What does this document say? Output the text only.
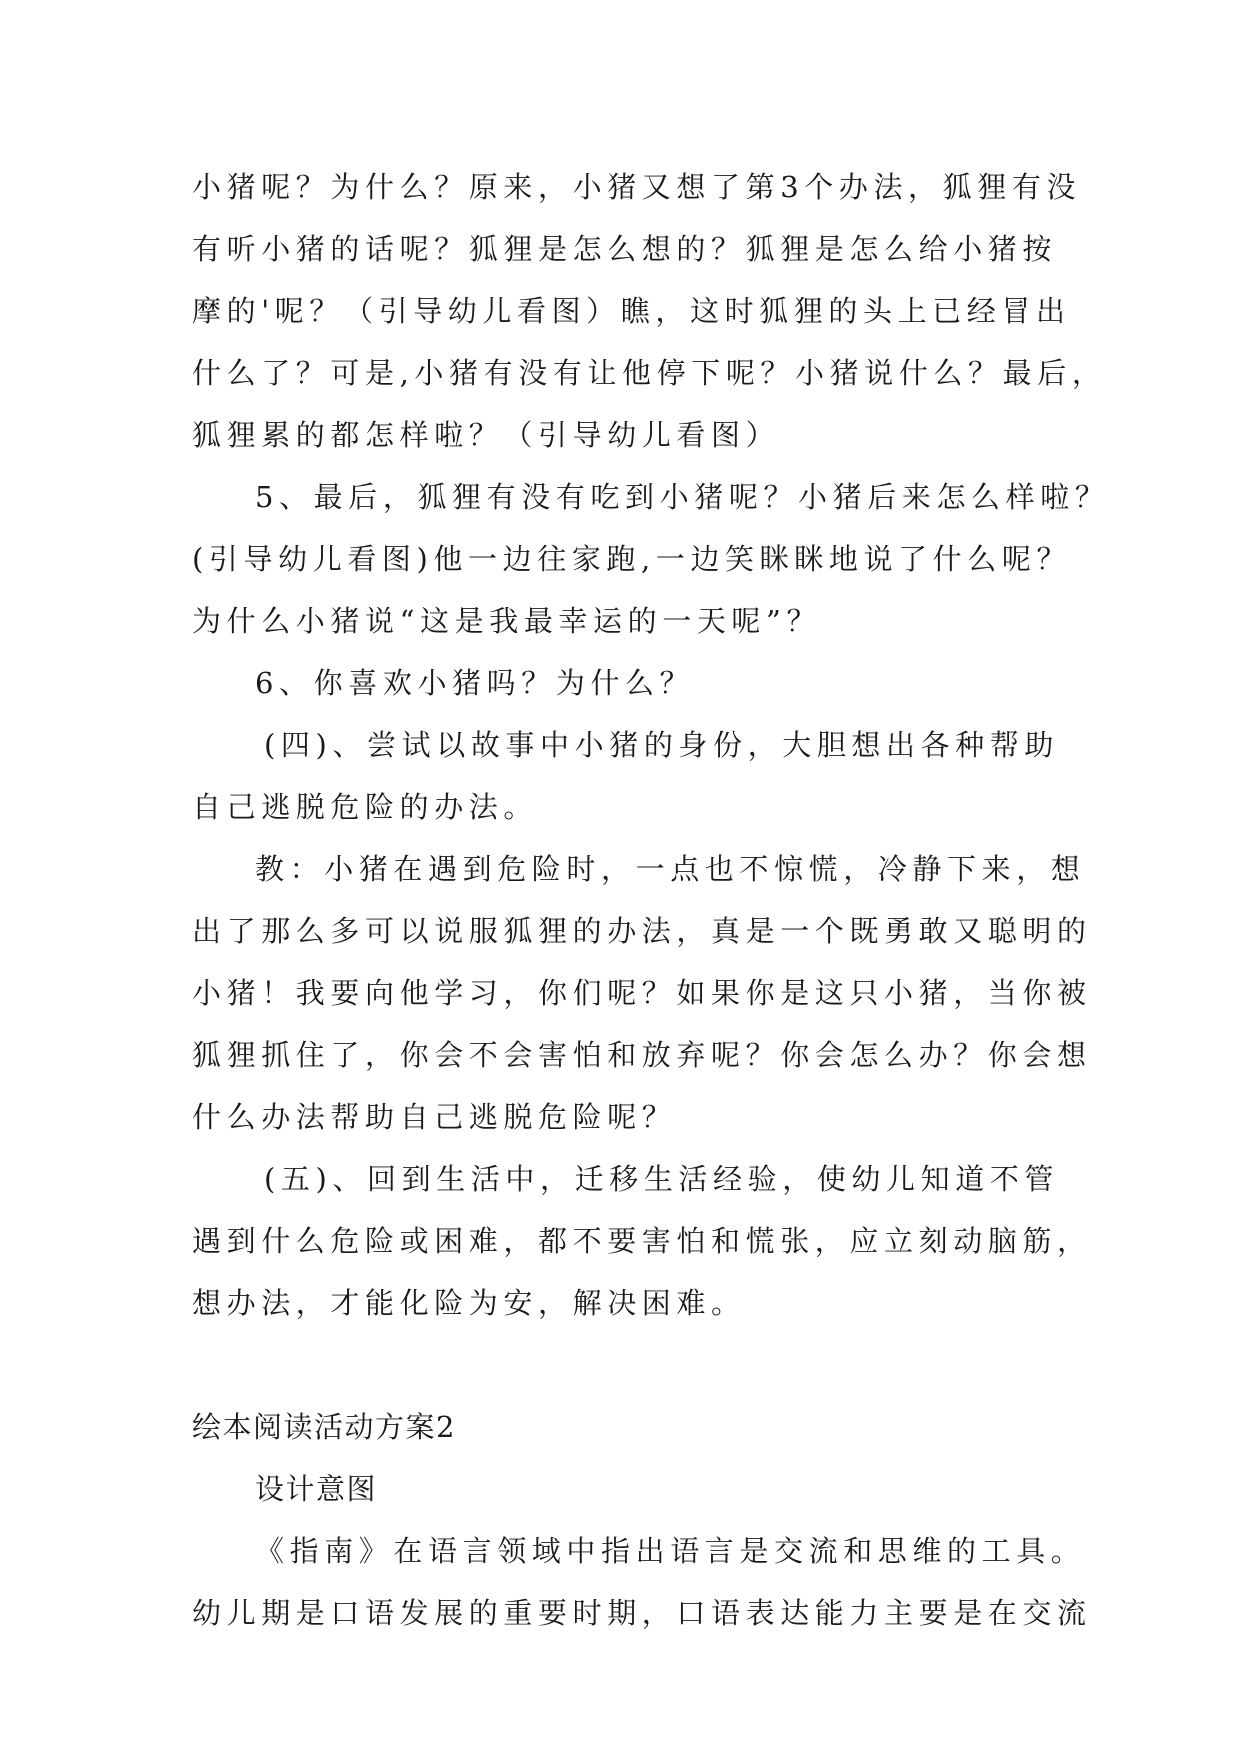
小猪呢？为什么？原来，小猪又想了第3个办法，狐狸有没
有听小猪的话呢？狐狸是怎么想的？狐狸是怎么给小猪按
摩的'呢？（引导幼儿看图）瞧，这时狐狸的头上已经冒出
什么了？可是,小猪有没有让他停下呢？小猪说什么？最后，
狐狸累的都怎样啦？（引导幼儿看图）
5、最后，狐狸有没有吃到小猪呢？小猪后来怎么样啦？
(引导幼儿看图)他一边往家跑,一边笑眯眯地说了什么呢？
为什么小猪说“这是我最幸运的一天呢”？
6、你喜欢小猪吗？为什么？
(四)、尝试以故事中小猪的身份，大胆想出各种帮助
自己逃脱危险的办法。
教：小猪在遇到危险时，一点也不惊慌，冷静下来，想
出了那么多可以说服狐狸的办法，真是一个既勇敢又聪明的
小猪！我要向他学习，你们呢？如果你是这只小猪，当你被
狐狸抓住了，你会不会害怕和放弃呢？你会怎么办？你会想
什么办法帮助自己逃脱危险呢？
(五)、回到生活中，迁移生活经验，使幼儿知道不管
遇到什么危险或困难，都不要害怕和慌张，应立刻动脑筋，
想办法，才能化险为安，解决困难。
绘本阅读活动方案2
设计意图
《指南》在语言领域中指出语言是交流和思维的工具。
幼儿期是口语发展的重要时期，口语表达能力主要是在交流
